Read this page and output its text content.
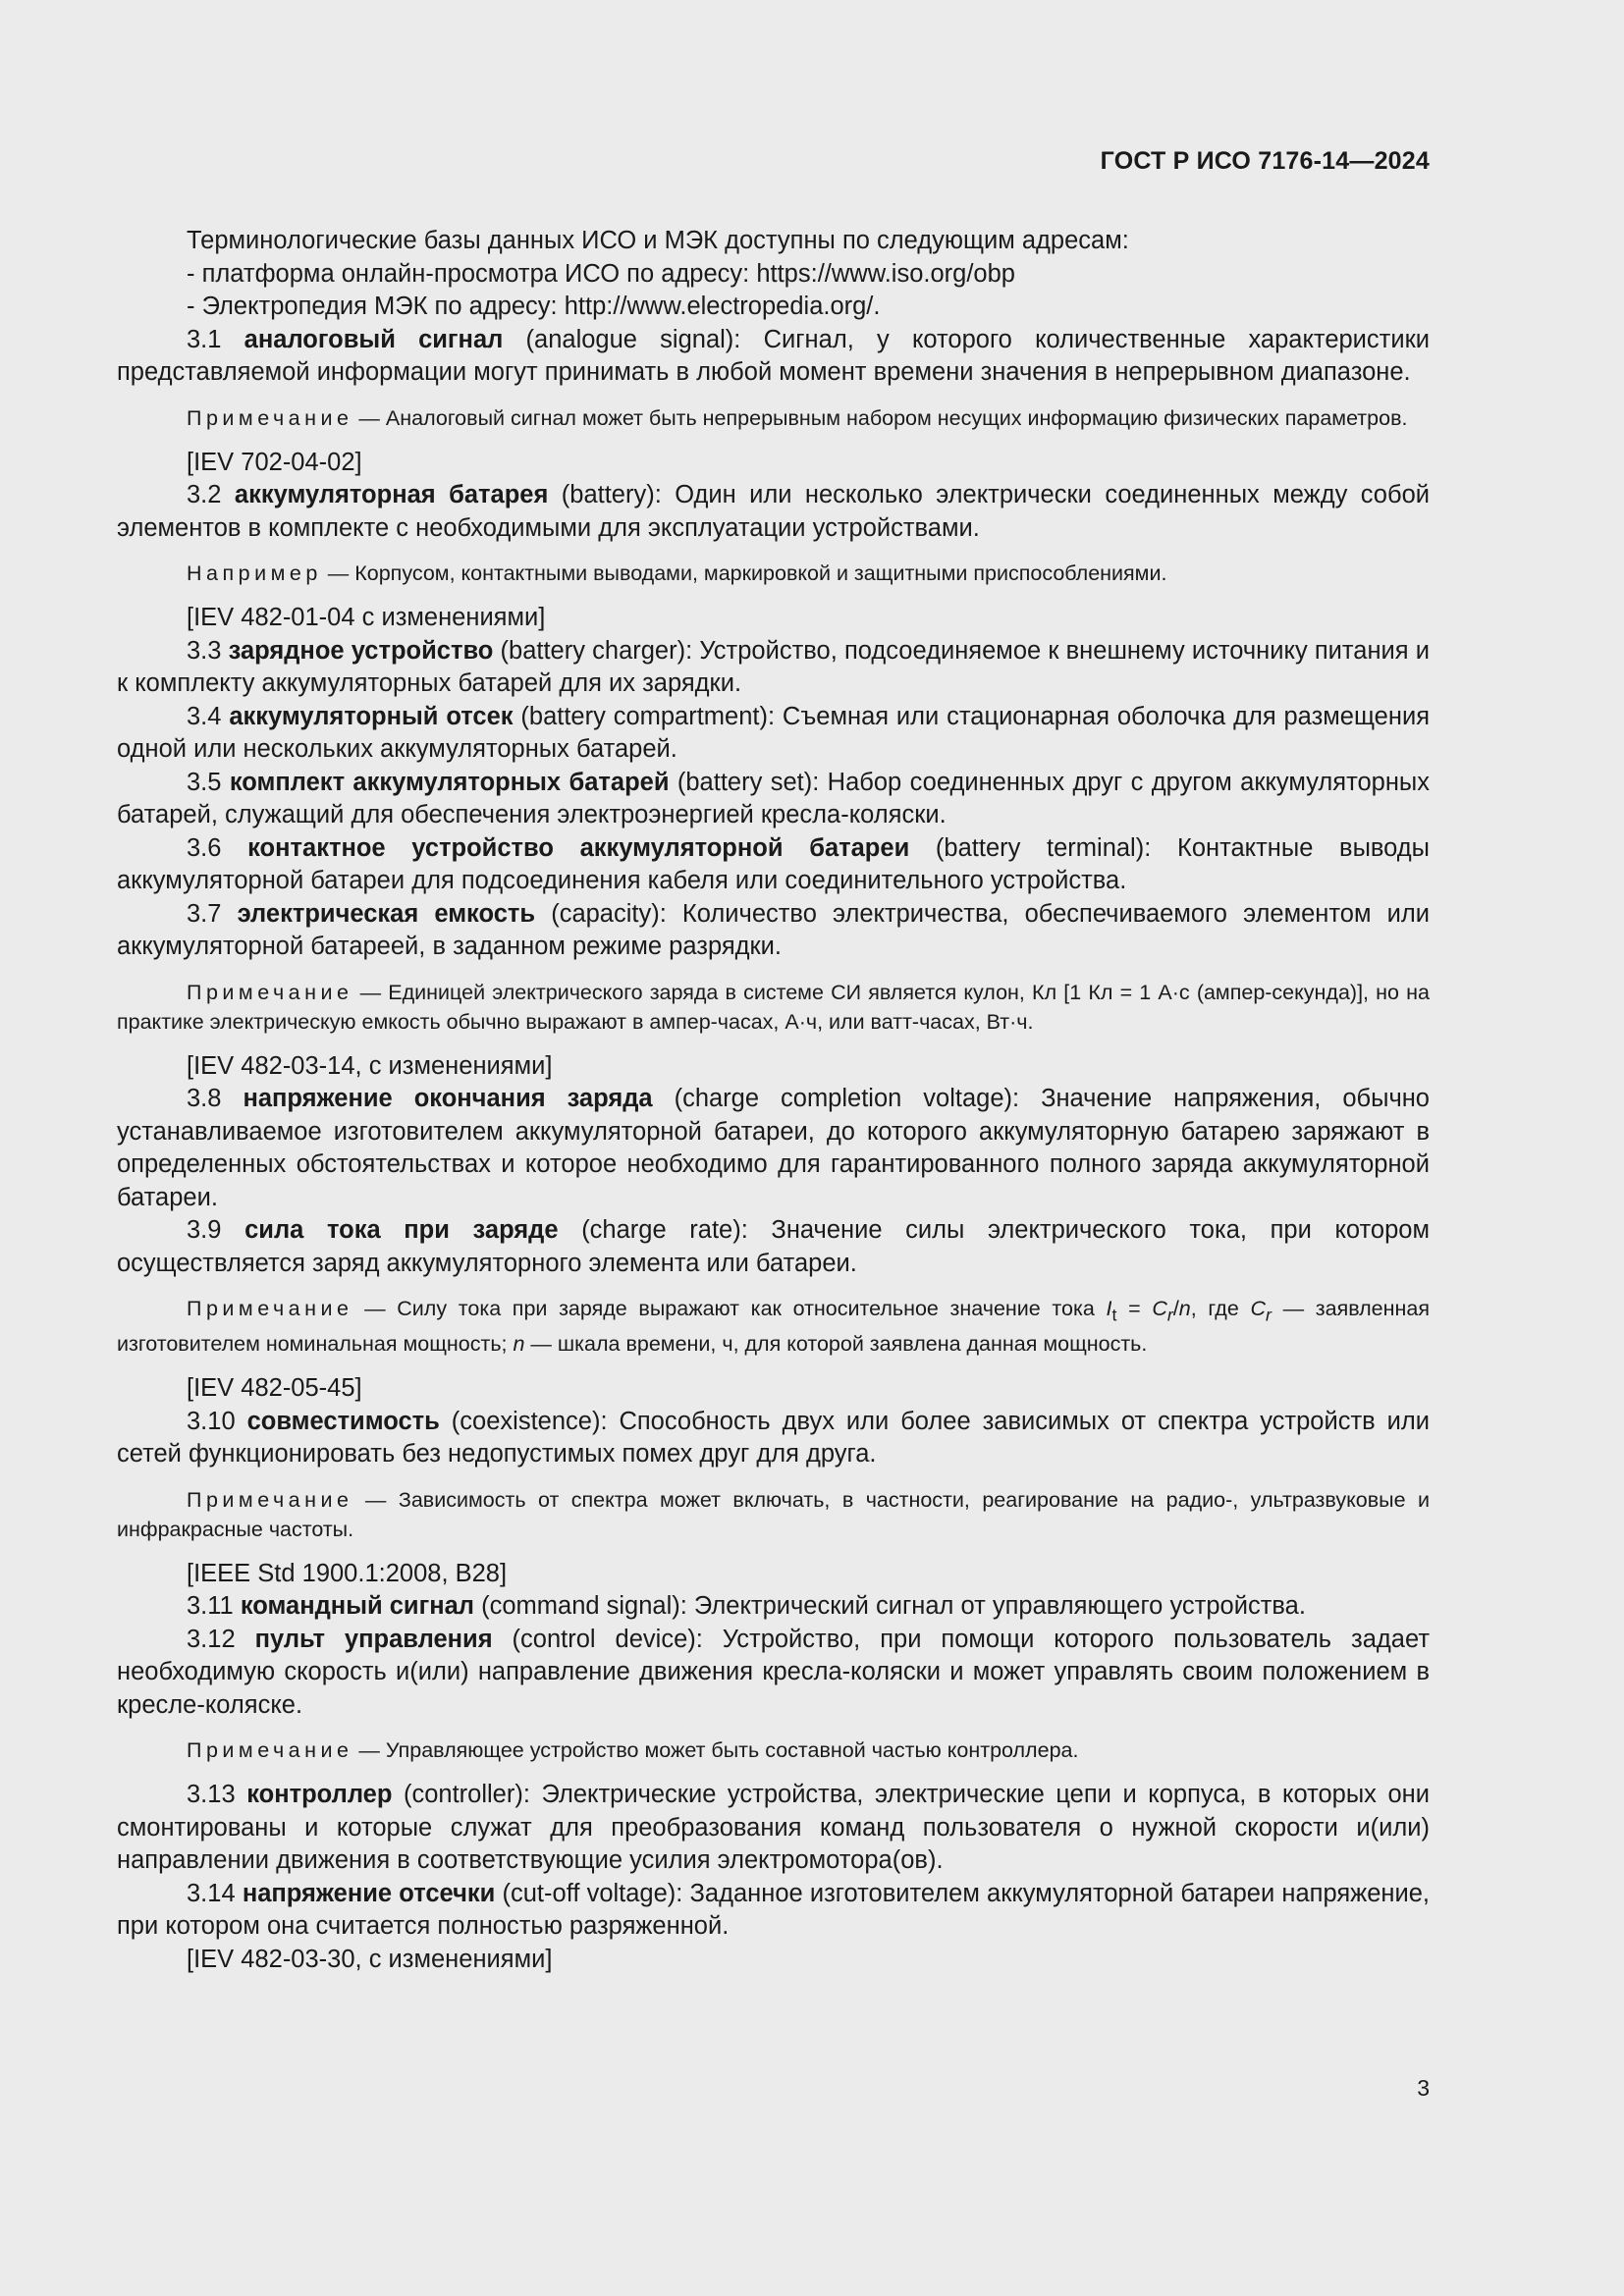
ГОСТ Р ИСО 7176-14—2024

Терминологические базы данных ИСО и МЭК доступны по следующим адресам:

- платформа онлайн-просмотра ИСО по адресу: https://www.iso.org/obp

- Электропедия МЭК по адресу: http://www.electropedia.org/.

3.1 аналоговый сигнал (analogue signal): Сигнал, у которого количественные характеристики представляемой информации могут принимать в любой момент времени значения в непрерывном диапазоне.

Примечание — Аналоговый сигнал может быть непрерывным набором несущих информацию физических параметров.

[IEV 702-04-02]

3.2 аккумуляторная батарея (battery): Один или несколько электрически соединенных между собой элементов в комплекте с необходимыми для эксплуатации устройствами.

Например — Корпусом, контактными выводами, маркировкой и защитными приспособлениями.

[IEV 482-01-04 с изменениями]

3.3 зарядное устройство (battery charger): Устройство, подсоединяемое к внешнему источнику питания и к комплекту аккумуляторных батарей для их зарядки.

3.4 аккумуляторный отсек (battery compartment): Съемная или стационарная оболочка для размещения одной или нескольких аккумуляторных батарей.

3.5 комплект аккумуляторных батарей (battery set): Набор соединенных друг с другом аккумуляторных батарей, служащий для обеспечения электроэнергией кресла-коляски.

3.6 контактное устройство аккумуляторной батареи (battery terminal): Контактные выводы аккумуляторной батареи для подсоединения кабеля или соединительного устройства.

3.7 электрическая емкость (capacity): Количество электричества, обеспечиваемого элементом или аккумуляторной батареей, в заданном режиме разрядки.

Примечание — Единицей электрического заряда в системе СИ является кулон, Кл [1 Кл = 1 А·с (ампер-секунда)], но на практике электрическую емкость обычно выражают в ампер-часах, А·ч, или ватт-часах, Вт·ч.

[IEV 482-03-14, с изменениями]

3.8 напряжение окончания заряда (charge completion voltage): Значение напряжения, обычно устанавливаемое изготовителем аккумуляторной батареи, до которого аккумуляторную батарею заряжают в определенных обстоятельствах и которое необходимо для гарантированного полного заряда аккумуляторной батареи.

3.9 сила тока при заряде (charge rate): Значение силы электрического тока, при котором осуществляется заряд аккумуляторного элемента или батареи.

Примечание — Силу тока при заряде выражают как относительное значение тока $I_t = C_r/n$, где $C_r$ — заявленная изготовителем номинальная мощность; n — шкала времени, ч, для которой заявлена данная мощность.

[IEV 482-05-45]

3.10 совместимость (coexistence): Способность двух или более зависимых от спектра устройств или сетей функционировать без недопустимых помех друг для друга.

Примечание — Зависимость от спектра может включать, в частности, реагирование на радио-, ультразвуковые и инфракрасные частоты.

[IEEE Std 1900.1:2008, B28]

3.11 командный сигнал (command signal): Электрический сигнал от управляющего устройства.

3.12 пульт управления (control device): Устройство, при помощи которого пользователь задает необходимую скорость и(или) направление движения кресла-коляски и может управлять своим положением в кресле-коляске.

Примечание — Управляющее устройство может быть составной частью контроллера.

3.13 контроллер (controller): Электрические устройства, электрические цепи и корпуса, в которых они смонтированы и которые служат для преобразования команд пользователя о нужной скорости и(или) направлении движения в соответствующие усилия электромотора(ов).

3.14 напряжение отсечки (cut-off voltage): Заданное изготовителем аккумуляторной батареи напряжение, при котором она считается полностью разряженной.

[IEV 482-03-30, с изменениями]

3
